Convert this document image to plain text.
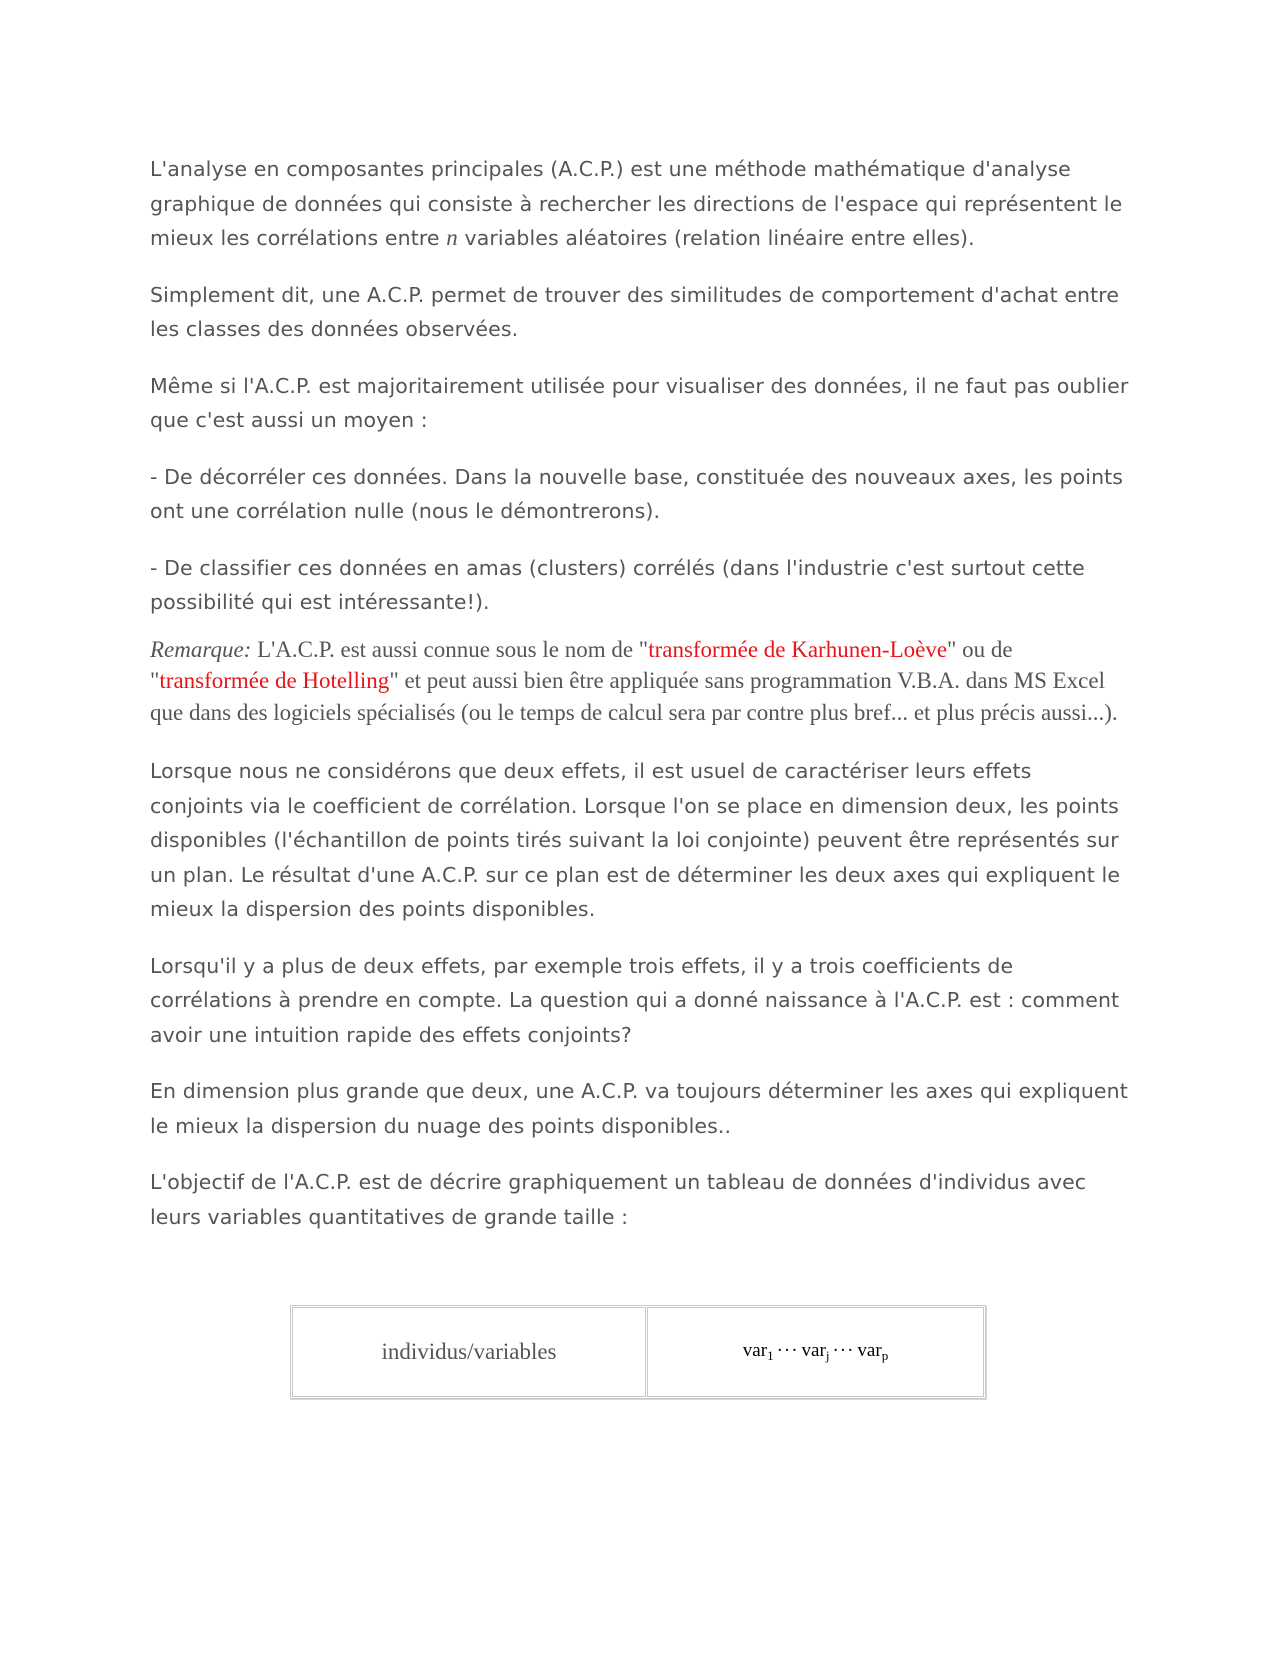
L'analyse en composantes principales (A.C.P.) est une méthode mathématique d'analyse graphique de données qui consiste à rechercher les directions de l'espace qui représentent le mieux les corrélations entre n variables aléatoires (relation linéaire entre elles).

Simplement dit, une A.C.P. permet de trouver des similitudes de comportement d'achat entre les classes des données observées.

Même si l'A.C.P. est majoritairement utilisée pour visualiser des données, il ne faut pas oublier que c'est aussi un moyen :

- De décorréler ces données. Dans la nouvelle base, constituée des nouveaux axes, les points ont une corrélation nulle (nous le démontrerons).

- De classifier ces données en amas (clusters) corrélés (dans l'industrie c'est surtout cette possibilité qui est intéressante!).

Remarque: L'A.C.P. est aussi connue sous le nom de "transformée de Karhunen-Loève" ou de "transformée de Hotelling" et peut aussi bien être appliquée sans programmation V.B.A. dans MS Excel que dans des logiciels spécialisés (ou le temps de calcul sera par contre plus bref... et plus précis aussi...).

Lorsque nous ne considérons que deux effets, il est usuel de caractériser leurs effets conjoints via le coefficient de corrélation. Lorsque l'on se place en dimension deux, les points disponibles (l'échantillon de points tirés suivant la loi conjointe) peuvent être représentés sur un plan. Le résultat d'une A.C.P. sur ce plan est de déterminer les deux axes qui expliquent le mieux la dispersion des points disponibles.

Lorsqu'il y a plus de deux effets, par exemple trois effets, il y a trois coefficients de corrélations à prendre en compte. La question qui a donné naissance à l'A.C.P. est : comment avoir une intuition rapide des effets conjoints?

En dimension plus grande que deux, une A.C.P. va toujours déterminer les axes qui expliquent le mieux la dispersion du nuage des points disponibles..

L'objectif de l'A.C.P. est de décrire graphiquement un tableau de données d'individus avec leurs variables quantitatives de grande taille :

individus/variables	var$_1$ ··· var$_j$ ··· var$_p$
